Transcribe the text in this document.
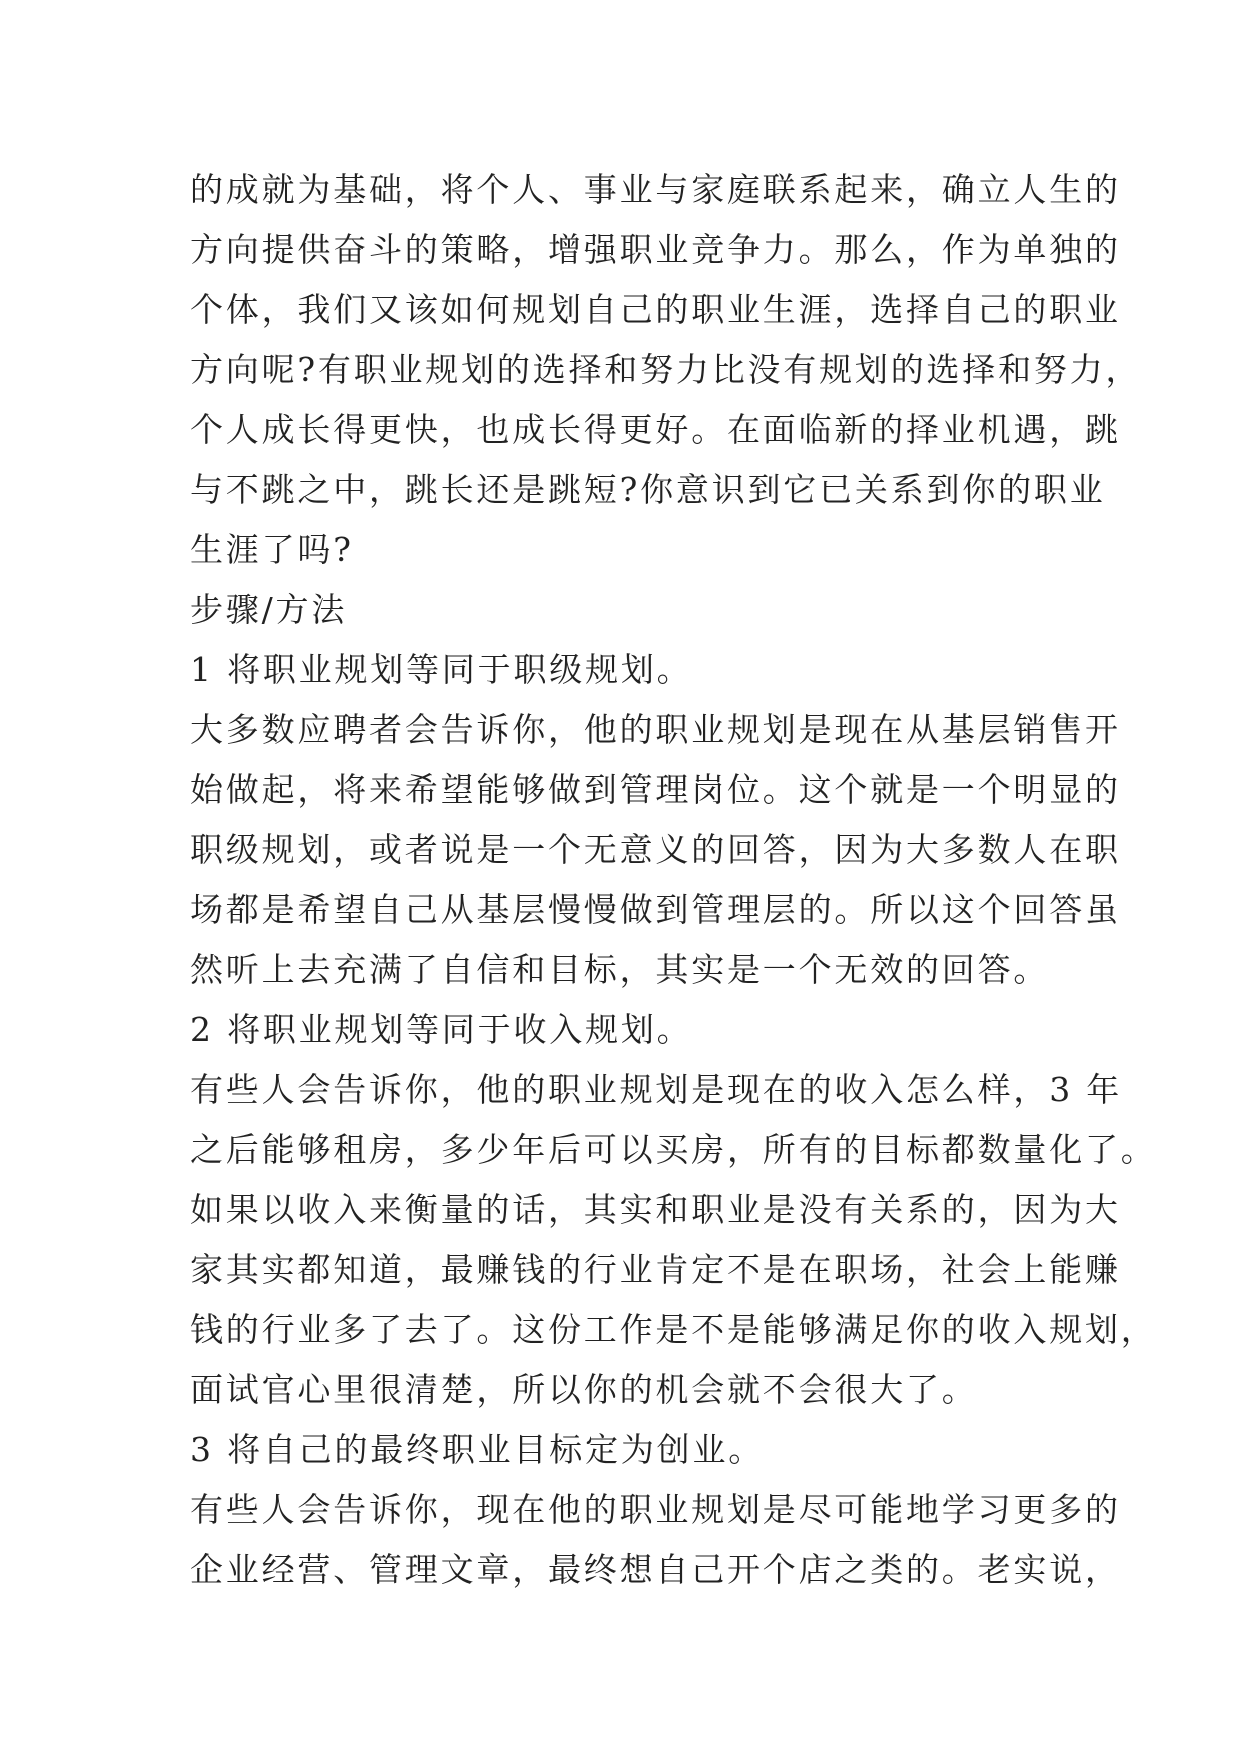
的成就为基础，将个人、事业与家庭联系起来，确立人生的
方向提供奋斗的策略，增强职业竞争力。那么，作为单独的
个体，我们又该如何规划自己的职业生涯，选择自己的职业
方向呢?有职业规划的选择和努力比没有规划的选择和努力，
个人成长得更快，也成长得更好。在面临新的择业机遇，跳
与不跳之中，跳长还是跳短?你意识到它已关系到你的职业
生涯了吗?
步骤/方法
1 将职业规划等同于职级规划。
大多数应聘者会告诉你，他的职业规划是现在从基层销售开
始做起，将来希望能够做到管理岗位。这个就是一个明显的
职级规划，或者说是一个无意义的回答，因为大多数人在职
场都是希望自己从基层慢慢做到管理层的。所以这个回答虽
然听上去充满了自信和目标，其实是一个无效的回答。
2 将职业规划等同于收入规划。
有些人会告诉你，他的职业规划是现在的收入怎么样，3 年
之后能够租房，多少年后可以买房，所有的目标都数量化了。
如果以收入来衡量的话，其实和职业是没有关系的，因为大
家其实都知道，最赚钱的行业肯定不是在职场，社会上能赚
钱的行业多了去了。这份工作是不是能够满足你的收入规划，
面试官心里很清楚，所以你的机会就不会很大了。
3 将自己的最终职业目标定为创业。
有些人会告诉你，现在他的职业规划是尽可能地学习更多的
企业经营、管理文章，最终想自己开个店之类的。老实说，
